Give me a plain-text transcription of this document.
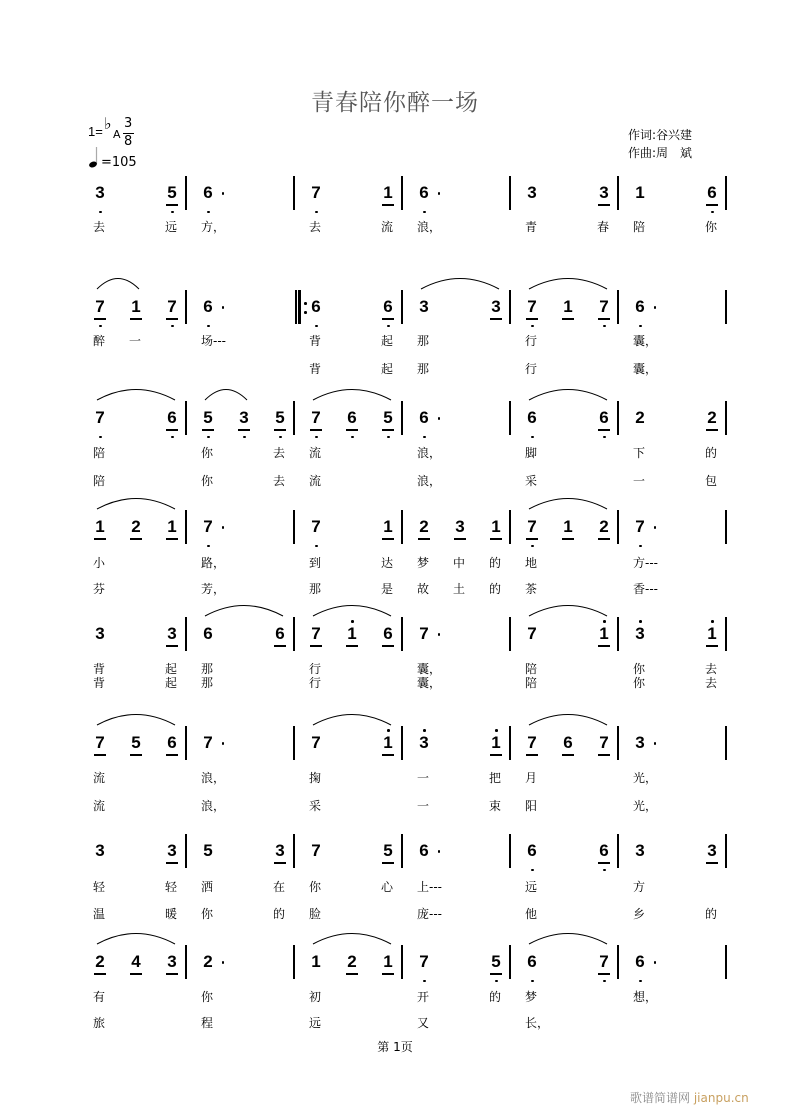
青春陪你醉一场
1= ♭
A
3
8
=105
作词:谷兴建
作曲:周　斌
3	5	6	7	1	6	3	3	1	6
去	远	方，	去	流	浪，	青	春	陪	你
7	1	7	6	6	6	3	3	7	1	7	6
醉	一	场---	背	起	那	行	囊，
背	起	那	行	囊，
7	6	5	3	5	7	6	5	6	6	6	2	2
陪	你	去	流	浪，	脚	下	的
陪	你	去	流	浪，	采	一	包
1	2	1	7	7	1	2	3	1	7	1	2	7
小	路，	到	达	梦	中	的	地	方---
芬	芳，	那	是	故	土	的	茶	香---
3	3	6	6	7	1	6	7	7	1	3	1
背	起	那	行	囊，	陪	你	去
背	起	那	行	囊，	陪	你	去
7	5	6	7	7	1	3	1	7	6	7	3
流	浪，	掬	一	把	月	光，
流	浪，	采	一	束	阳	光，
3	3	5	3	7	5	6	6	6	3	3
轻	轻	洒	在	你	心	上---	远	方
温	暖	你	的	脸	庞---	他	乡	的
2	4	3	2	1	2	1	7	5	6	7	6
有	你	初	开	的	梦	想，
旅	程	远	又	长，
第 1页
歌谱简谱网 jianpu.cn
